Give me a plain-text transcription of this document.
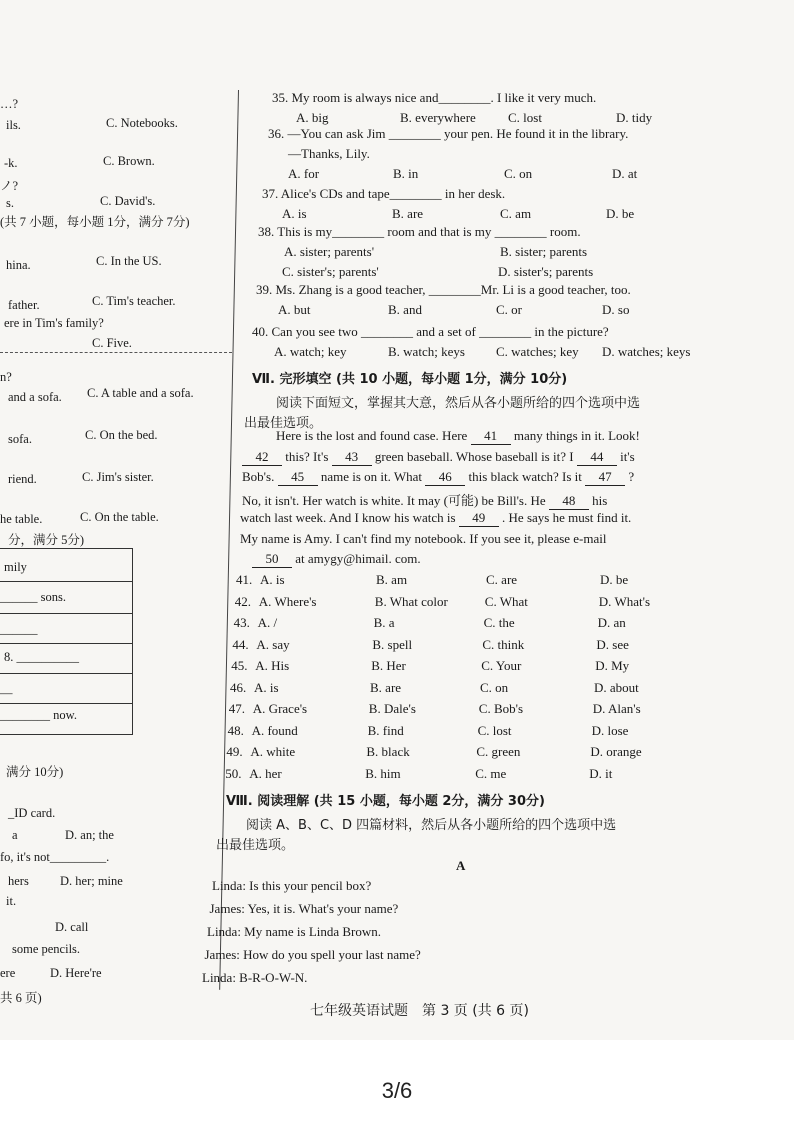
…?
ils.	C. Notebooks.
-k.	C. Brown.
ノ?
s.	C. David's.
(共 7 小题，每小题 1分，满分 7分)
hina.	C. In the US.
father.	C. Tim's teacher.
ere in Tim's family?
C. Five.
n?
and a sofa. C. A table and a sofa.
sofa.	C. On the bed.
riend.	C. Jim's sister.
he table.	C. On the table.
分，满分 5分)
mily
______ sons.
______
8. __________
—
________ now.
满分 10分)
_ID card.
a	D. an; the
fo, it's not_________.
hers D. her; mine
it.
D. call
some pencils.
ere	D. Here're
共 6 页)
35. My room is always nice and________. I like it very much.
A. big	B. everywhere C. lost	D. tidy
36. —You can ask Jim ________ your pen. He found it in the library.
—Thanks, Lily.
A. for	B. in	C. on	D. at
37. Alice's CDs and tape________ in her desk.
A. is	B. are	C. am	D. be
38. This is my________ room and that is my ________ room.
A. sister; parents'	B. sister; parents
C. sister's; parents'	D. sister's; parents
39. Ms. Zhang is a good teacher, ________Mr. Li is a good teacher, too.
A. but	B. and	C. or	D. so
40. Can you see two ________ and a set of ________ in the picture?
A. watch; key	B. watch; keys C. watches; key D. watches; keys
Ⅶ. 完形填空 (共 10 小题，每小题 1分，满分 10分)
阅读下面短文，掌握其大意，然后从各小题所给的四个选项中选
出最佳选项。
Here is the lost and found case. Here 41 many things in it. Look!
42 this? It's 43 green baseball. Whose baseball is it? I 44 it's
Bob's. 45 name is on it. What 46 this black watch? Is it 47 ?
No, it isn't. Her watch is white. It may (可能) be Bill's. He 48 his
watch last week. And I know his watch is 49 . He says he must find it.
My name is Amy. I can't find my notebook. If you see it, please e-mail
50 at amygy@himail. com.
41. A. is	B. am	C. are	D. be
42. A. Where's	B. What color	C. What	D. What's
43. A. /	B. a	C. the	D. an
44. A. say	B. spell	C. think	D. see
45. A. His	B. Her	C. Your	D. My
46. A. is	B. are	C. on	D. about
47. A. Grace's	B. Dale's	C. Bob's	D. Alan's
48. A. found	B. find	C. lost	D. lose
49. A. white	B. black	C. green	D. orange
50. A. her	B. him	C. me	D. it
Ⅷ. 阅读理解 (共 15 小题，每小题 2分，满分 30分)
阅读 A、B、C、D 四篇材料，然后从各小题所给的四个选项中选
出最佳选项。
A
Linda: Is this your pencil box?
James: Yes, it is. What's your name?
Linda: My name is Linda Brown.
James: How do you spell your last name?
Linda: B-R-O-W-N.
七年级英语试题　第 3 页 (共 6 页)
3/6
